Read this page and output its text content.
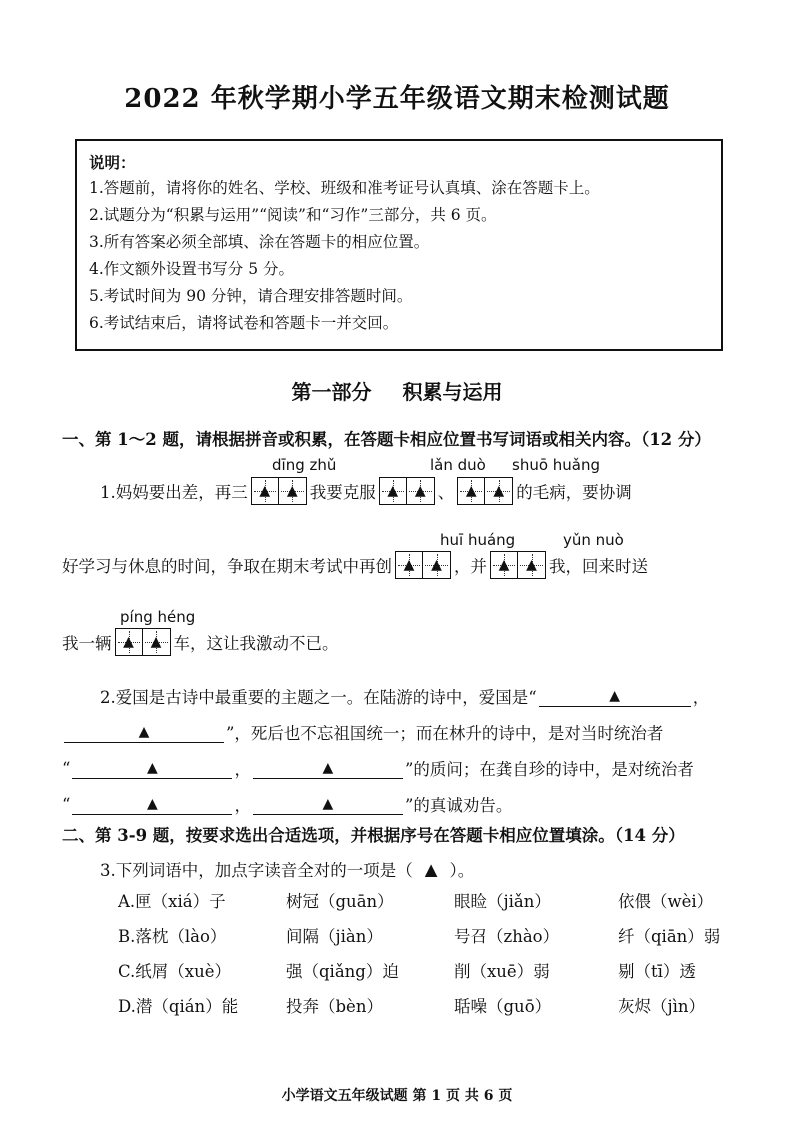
2022 年秋学期小学五年级语文期末检测试题
说明：
1.答题前，请将你的姓名、学校、班级和准考证号认真填、涂在答题卡上。
2.试题分为“积累与运用”“阅读”和“习作”三部分，共 6 页。
3.所有答案必须全部填、涂在答题卡的相应位置。
4.作文额外设置书写分 5 分。
5.考试时间为 90 分钟，请合理安排答题时间。
6.考试结束后，请将试卷和答题卡一并交回。
第一部分 积累与运用
一、第 1～2 题，请根据拼音或积累，在答题卡相应位置书写词语或相关内容。（12 分）
dīng zhǔ	lǎn duò shuō huǎng
1.妈妈要出差，再三 ▲ ▲ 我要克服 ▲ ▲ 、 ▲ ▲ 的毛病，要协调
huī huáng	yǔn nuò
好学习与休息的时间，争取在期末考试中再创 ▲ ▲ ，并 ▲ ▲ 我，回来时送
píng héng
我一辆 ▲ ▲ 车，这让我激动不已。
2.爱国是古诗中最重要的主题之一。在陆游的诗中，爱国是“	▲	，
▲	”，死后也不忘祖国统一；而在林升的诗中，是对当时统治者
“	▲	，	▲	”的质问；在龚自珍的诗中，是对统治者
“	▲	，	▲	”的真诚劝告。
二、第 3-9 题，按要求选出合适选项，并根据序号在答题卡相应位置填涂。（14 分）
3.下列词语中，加点字读音全对的一项是（ ▲ ）。
A.匣（xiá）子	树冠（guān）	眼睑（jiǎn）	依偎（wèi）
B.落枕（lào）	间隔（jiàn）	号召（zhào）	纤（qiān）弱
C.纸屑（xuè）	强（qiǎng）迫	削（xuē）弱	剔（tī）透
D.潜（qián）能	投奔（bèn）	聒噪（guō）	灰烬（jìn）
小学语文五年级试题 第 1 页 共 6 页
